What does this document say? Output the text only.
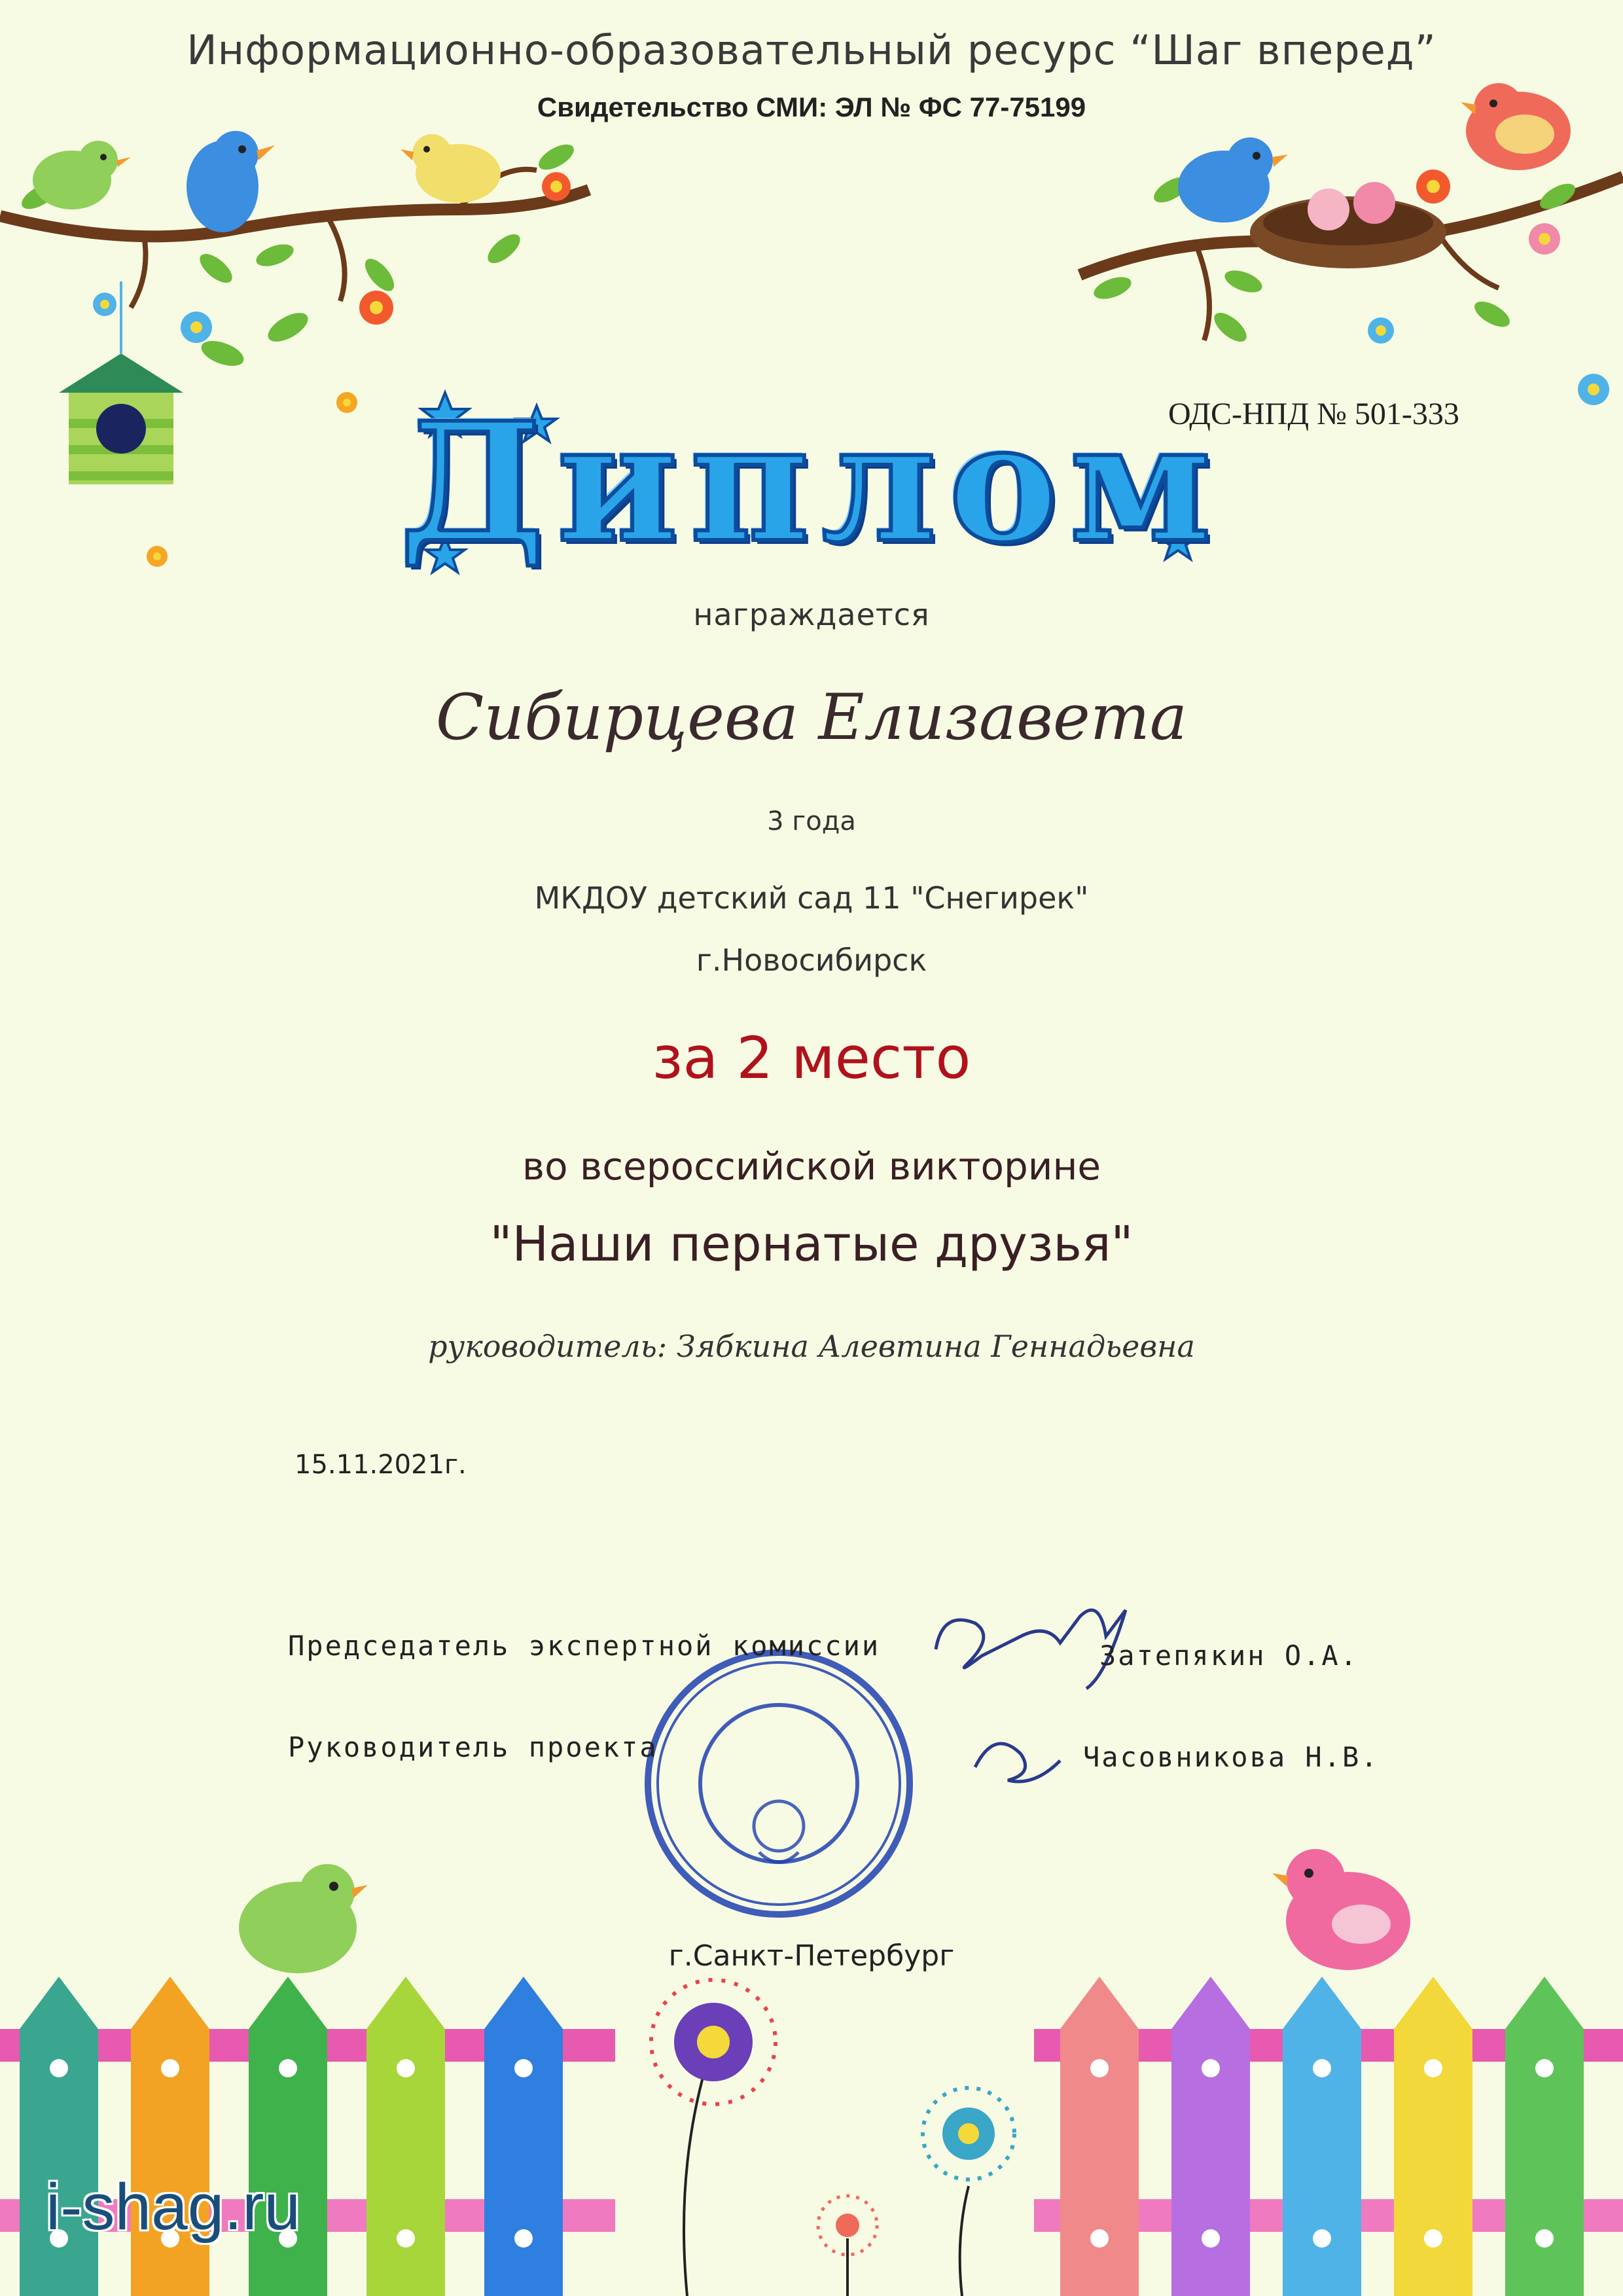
Информационно-образовательный ресурс “Шаг вперед”
Свидетельство СМИ: ЭЛ № ФС 77-75199
ОДС-НПД № 501-333
Диплом
награждается
Сибирцева Елизавета
3 года
МКДОУ детский сад 11 "Снегирек"
г.Новосибирск
за 2 место
во всероссийской викторине
"Наши пернатые друзья"
руководитель: Зябкина Алевтина Геннадьевна
15.11.2021г.
Председатель экспертной комиссии	Затепякин О.А.
Руководитель проекта	Часовникова Н.В.
г.Санкт-Петербург
i-shag.ru
